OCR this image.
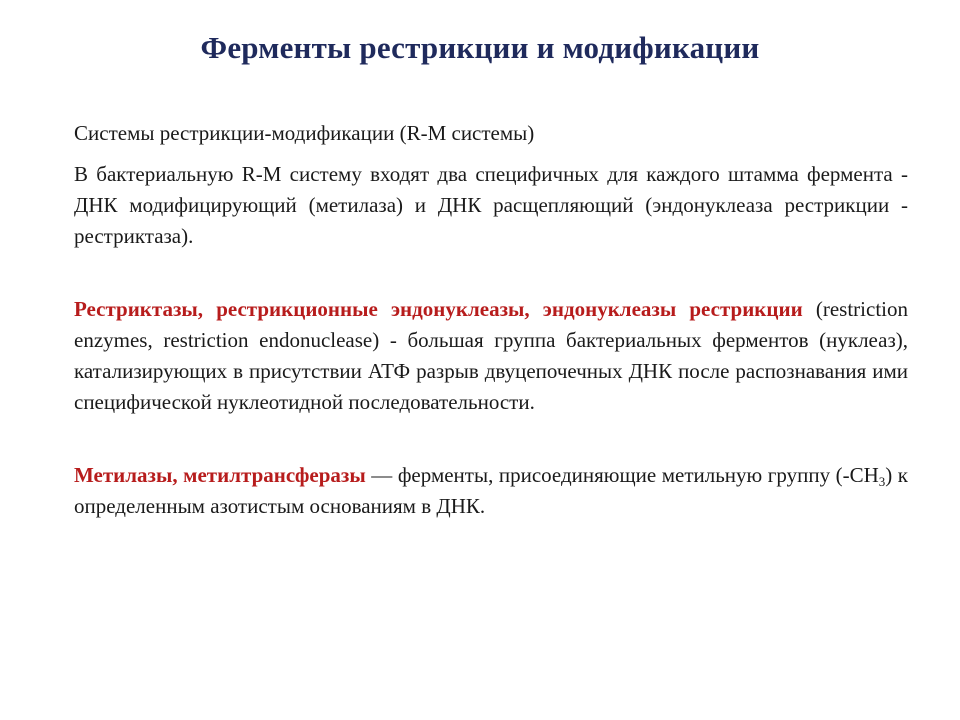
Ферменты рестрикции и модификации

Системы рестрикции-модификации (R-M системы)

В бактериальную R-M систему входят два специфичных для каждого штамма фермента - ДНК модифицирующий (метилаза) и ДНК расщепляющий (эндонуклеаза рестрикции - рестриктаза).

Рестриктазы, рестрикционные эндонуклеазы, эндонуклеазы рестрикции (restriction enzymes, restriction endonuclease) - большая группа бактериальных ферментов (нуклеаз), катализирующих в присутствии АТФ разрыв двуцепочечных ДНК после распознавания ими специфической нуклеотидной последовательности.

Метилазы, метилтрансферазы — ферменты, присоединяющие метильную группу $(-CH_3)$ к определенным азотистым основаниям в ДНК.
